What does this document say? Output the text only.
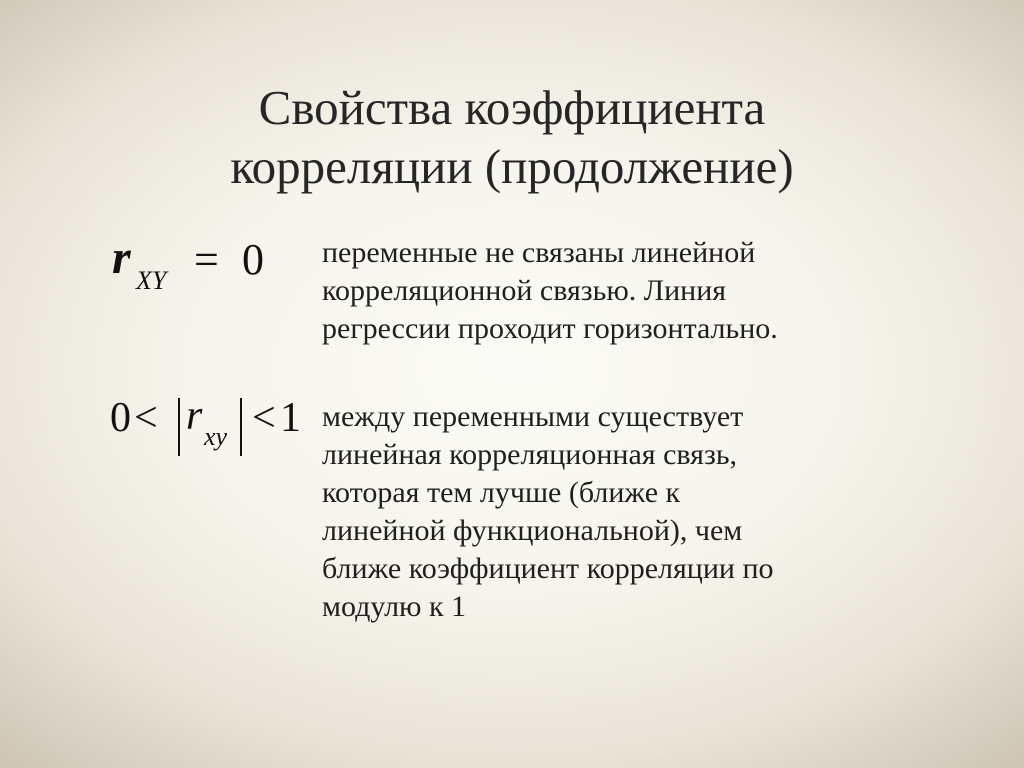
Свойства коэффициента
корреляции (продолжение)
r XY = 0 переменные не связаны линейной
корреляционной связью. Линия
регрессии проходит горизонтально.

0 < r xy < 1 между переменными существует
линейная корреляционная связь,
которая тем лучше (ближе к
линейной функциональной), чем
ближе коэффициент корреляции по
модулю к 1
